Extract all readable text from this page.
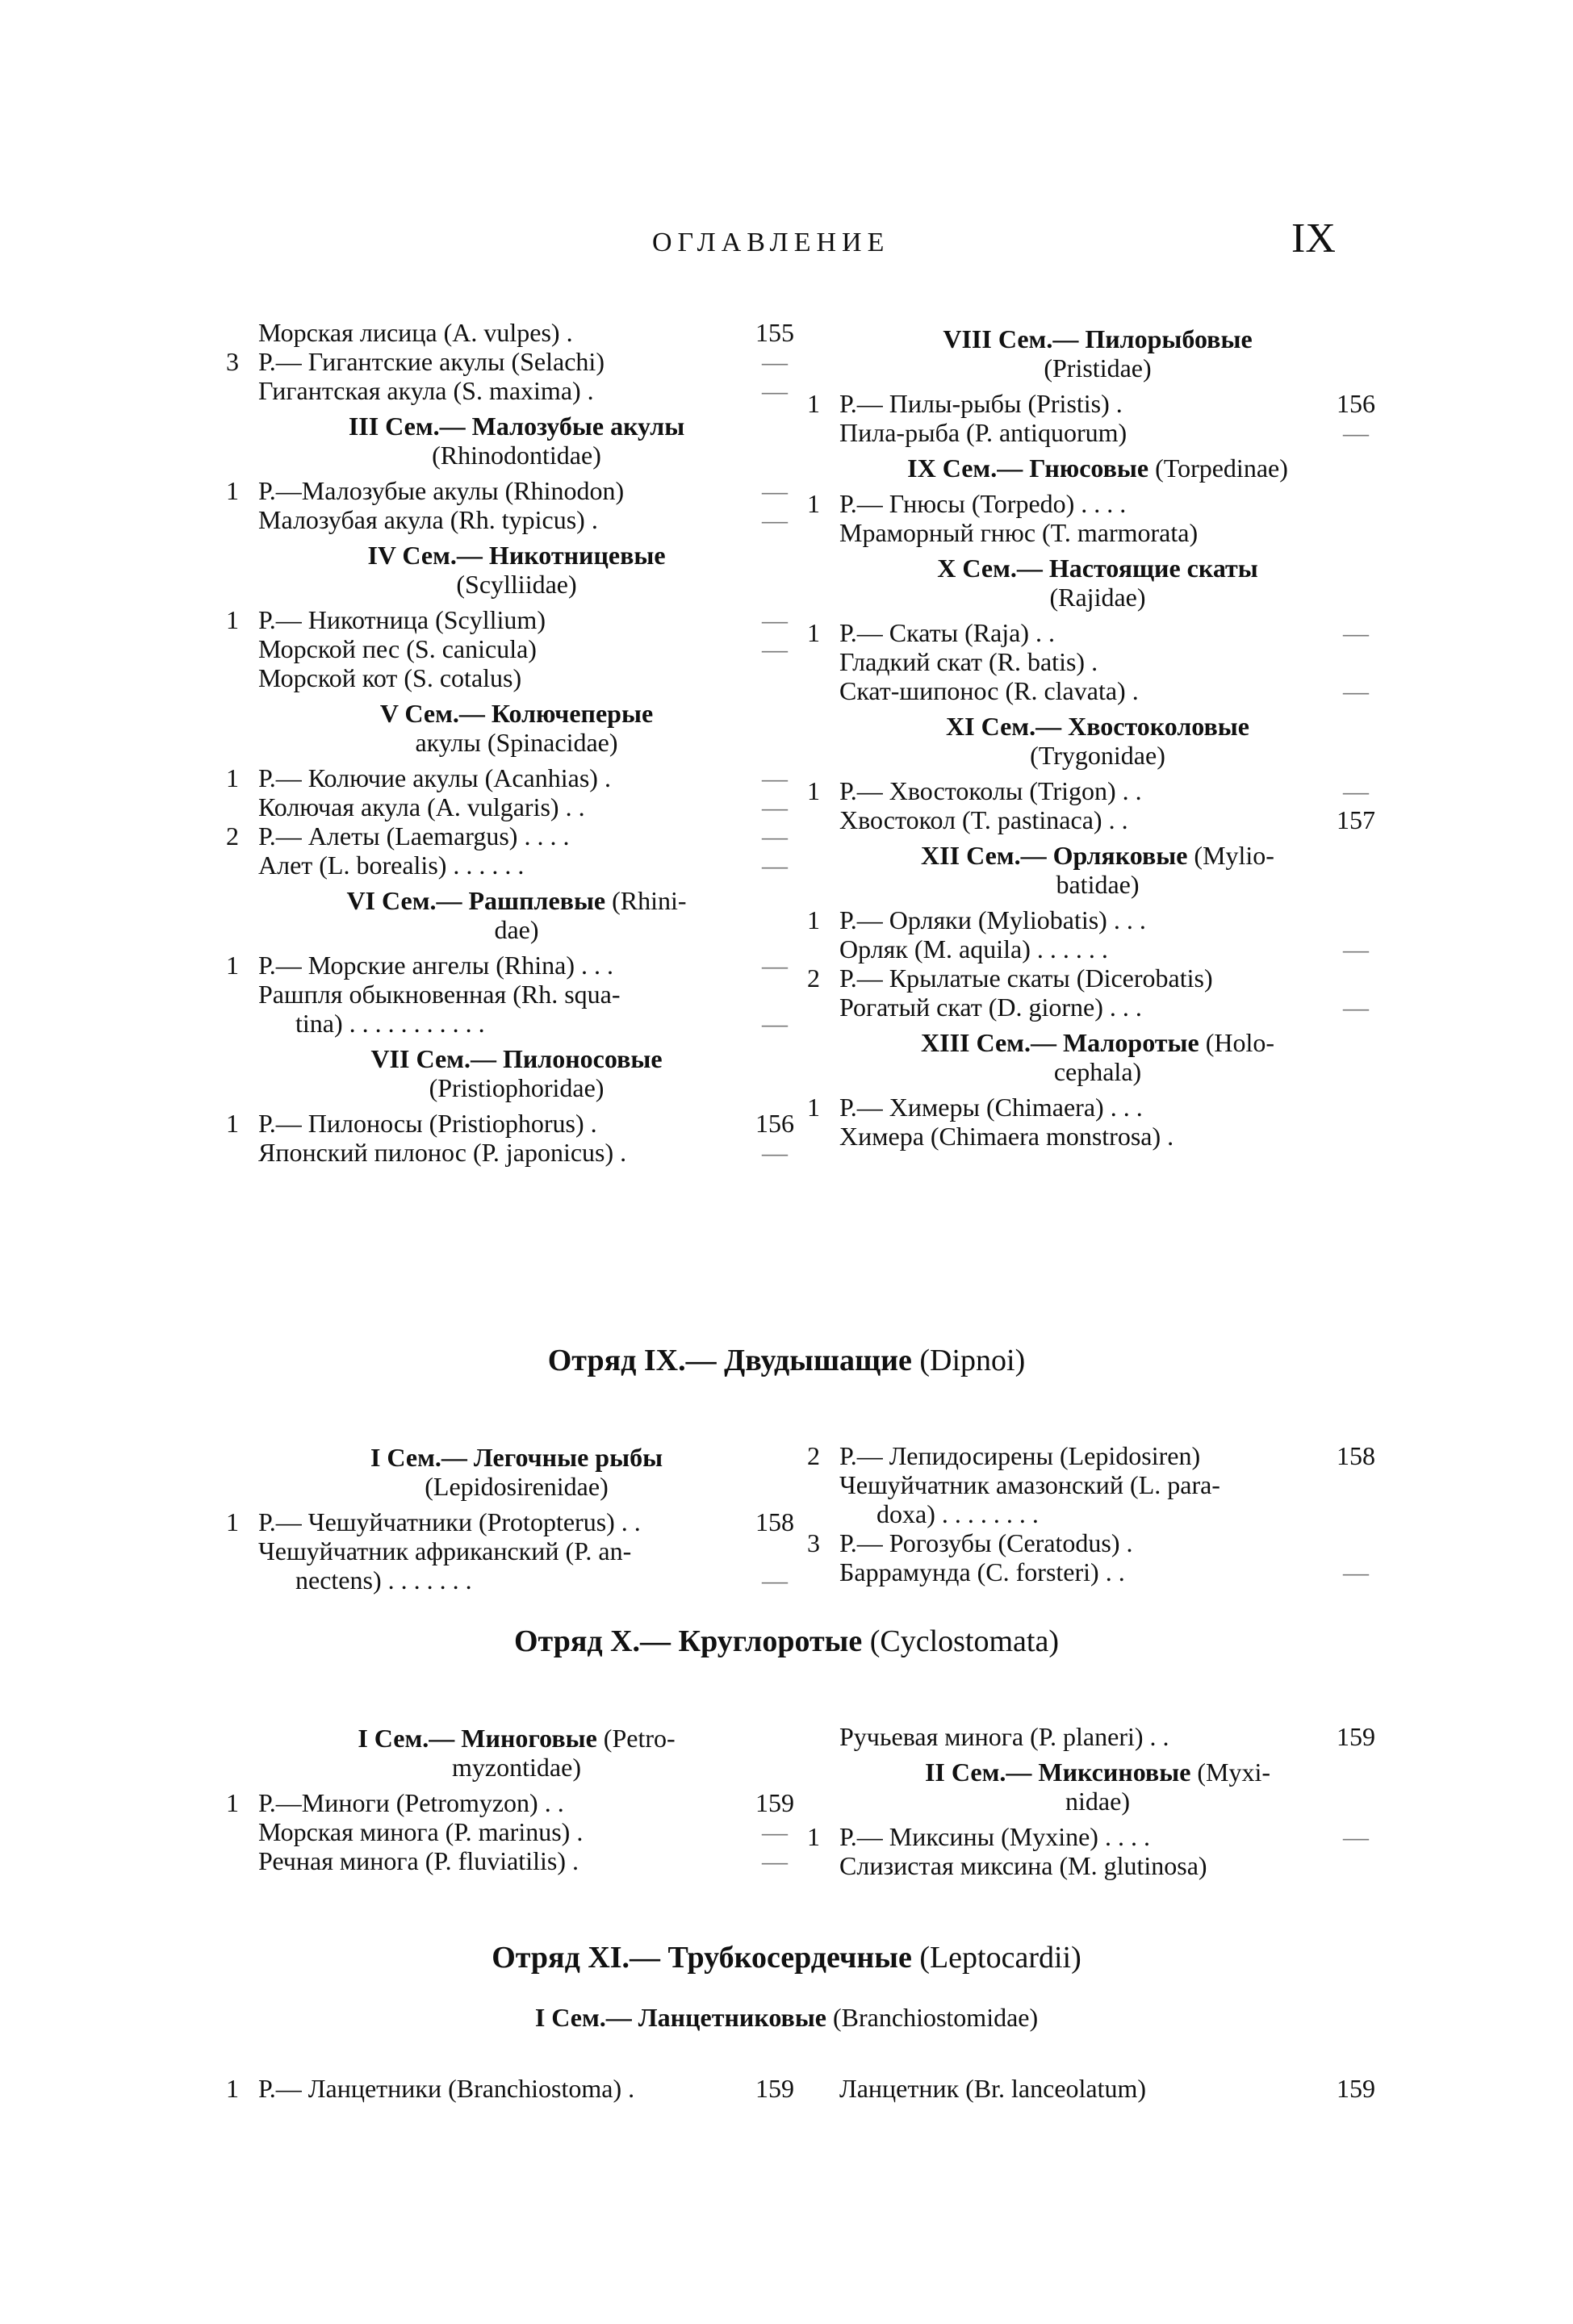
ОГЛАВЛЕНИЕ	IX
Морская лисица (A. vulpes) .	155
3 Р.— Гигантские акулы (Selachi)	—
Гигантская акула (S. maxima) .	—
III Сем.— Малозубые акулы
(Rhinodontidae)
1 Р.—Малозубые акулы (Rhinodon)	—
Малозубая акула (Rh. typicus) .	—
IV Сем.— Никотницевые
(Scylliidae)
1 Р.— Никотница (Scyllium)	—
Морской пес (S. canicula)	—
Морской кот (S. cotalus)
V Сем.— Колючеперые
акулы (Spinacidae)
1 Р.— Колючие акулы (Acanhias) .	—
Колючая акула (A. vulgaris) . .	—
2 Р.— Алеты (Laemargus) . . . .	—
Алет (L. borealis) . . . . . .	—
VI Сем.— Рашплевые (Rhini-
dae)
1 Р.— Морские ангелы (Rhina) . . .	—
Рашпля обыкновенная (Rh. squa-
tina) . . . . . . . . . . .	—
VII Сем.— Пилоносовые
(Pristiophoridae)
1 Р.— Пилоносы (Pristiophorus) .	156
Японский пилонос (P. japonicus) .	—
VIII Сем.— Пилорыбовые
(Pristidae)
1 Р.— Пилы-рыбы (Pristis) .	156
Пила-рыба (P. antiquorum)	—
IX Сем.— Гнюсовые (Torpedinae)
1 Р.— Гнюсы (Torpedo) . . . .
Мраморный гнюс (T. marmorata)
X Сем.— Настоящие скаты
(Rajidae)
1 Р.— Скаты (Raja) . .	—
Гладкий скат (R. batis) .
Скат-шипонос (R. clavata) .	—
XI Сем.— Хвостоколовые
(Trygonidae)
1 Р.— Хвостоколы (Trigon) . .	—
Хвостокол (T. pastinaca) . .	157
XII Сем.— Орляковые (Mylio-
batidae)
1 Р.— Орляки (Myliobatis) . . .
Орляк (M. aquila) . . . . . .	—
2 Р.— Крылатые скаты (Dicerobatis)
Рогатый скат (D. giorne) . . .	—
XIII Сем.— Малоротые (Holo-
cephala)
1 Р.— Химеры (Chimaera) . . .
Химера (Chimaera monstrosa) .
Отряд IX.— Двудышащие (Dipnoi)
I Сем.— Легочные рыбы
(Lepidosirenidae)
1 Р.— Чешуйчатники (Protopterus) . .	158
Чешуйчатник африканский (P. an-
nectens) . . . . . . .	—
2 Р.— Лепидосирены (Lepidosiren)	158
Чешуйчатник амазонский (L. para-
doxa) . . . . . . . .
3 Р.— Рогозубы (Ceratodus) .
Баррамунда (C. forsteri) . .	—
Отряд X.— Круглоротые (Cyclostomata)
I Сем.— Миноговые (Petro-
myzontidae)
1 Р.—Миноги (Petromyzon) . .	159
Морская минога (P. marinus) .	—
Речная минога (P. fluviatilis) .	—
Ручьевая минога (P. planeri) . .	159
II Сем.— Миксиновые (Myxi-
nidae)
1 Р.— Миксины (Myxine) . . . .	—
Слизистая миксина (M. glutinosa)
Отряд XI.— Трубкосердечные (Leptocardii)
I Сем.— Ланцетниковые (Branchiostomidae)
1 Р.— Ланцетники (Branchiostoma) .	159	Ланцетник (Br. lanceolatum)	159
